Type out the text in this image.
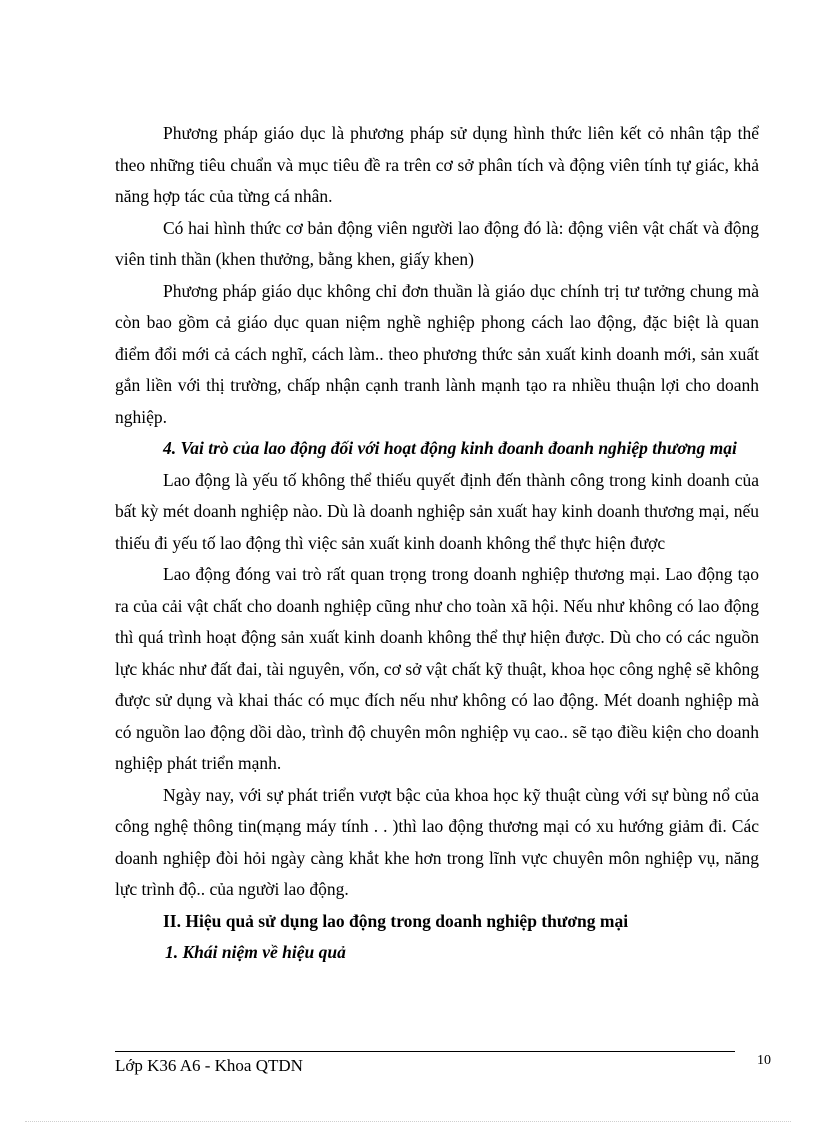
Phương pháp giáo dục là phương pháp sử dụng hình thức liên kết cỏ nhân tập thể theo những tiêu chuẩn và mục tiêu đề ra trên cơ sở phân tích và động viên tính tự giác, khả năng hợp tác của từng cá nhân.

Có hai hình thức cơ bản động viên người lao động đó là: động viên vật chất và động viên tinh thần (khen thưởng, bằng khen, giấy khen)

Phương pháp giáo dục không chỉ đơn thuần là giáo dục chính trị tư tưởng chung mà còn bao gồm cả giáo dục quan niệm nghề nghiệp phong cách lao động, đặc biệt là quan điểm đổi mới cả cách nghĩ, cách làm.. theo phương thức sản xuất kinh doanh mới, sản xuất gắn liền với thị trường, chấp nhận cạnh tranh lành mạnh tạo ra nhiều thuận lợi cho doanh nghiệp.

4. Vai trò của lao động đối với hoạt động kinh đoanh đoanh nghiệp thương mại

Lao động là yếu tố không thể thiếu quyết định đến thành công trong kinh doanh của bất kỳ mét doanh nghiệp nào. Dù là doanh nghiệp sản xuất hay kinh doanh thương mại, nếu thiếu đi yếu tố lao động thì việc sản xuất kinh doanh không thể thực hiện được

Lao động đóng vai trò rất quan trọng trong doanh nghiệp thương mại. Lao động tạo ra của cải vật chất cho doanh nghiệp cũng như cho toàn xã hội. Nếu như không có lao động thì quá trình hoạt động sản xuất kinh doanh không thể thự hiện được. Dù cho có các nguồn lực khác như đất đai, tài nguyên, vốn, cơ sở vật chất kỹ thuật, khoa học công nghệ sẽ không được sử dụng và khai thác có mục đích nếu như không có lao động. Mét doanh nghiệp mà có nguồn lao động dồi dào, trình độ chuyên môn nghiệp vụ cao.. sẽ tạo điều kiện cho doanh nghiệp phát triển mạnh.

Ngày nay, với sự phát triển vượt bậc của khoa học kỹ thuật cùng với sự bùng nổ của công nghệ thông tin(mạng máy tính . . )thì lao động thương mại có xu hướng giảm đi. Các doanh nghiệp đòi hỏi ngày càng khắt khe hơn trong lĩnh vực chuyên môn nghiệp vụ, năng lực trình độ.. của người lao động.

II. Hiệu quả sử dụng lao động trong doanh nghiệp thương mại

1. Khái niệm về hiệu quả

Lớp K36 A6 - Khoa QTDN	10
